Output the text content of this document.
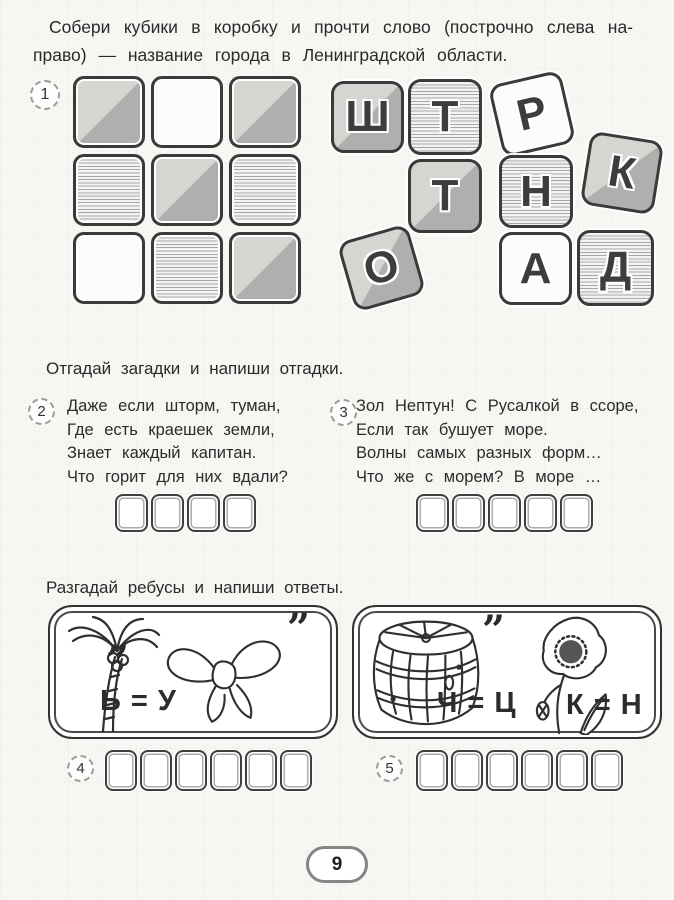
Собери кубики в коробку и прочти слово (построчно слева на-
право) — название города в Ленинградской области.
1	Ш Т Р
К
Т Н
О	А Д
Отгадай загадки и напиши отгадки.
2 Даже если шторм, туман,
Где есть краешек земли,
Знает каждый капитан.
Что горит для них вдали?
3 Зол Нептун! С Русалкой в ссоре,
Если так бушует море.
Волны самых разных форм…
Что же с морем? В море …
Разгадай ребусы и напиши ответы.
”
Ь = У
”	”
Ч = Ц К = Н
4	5
9
